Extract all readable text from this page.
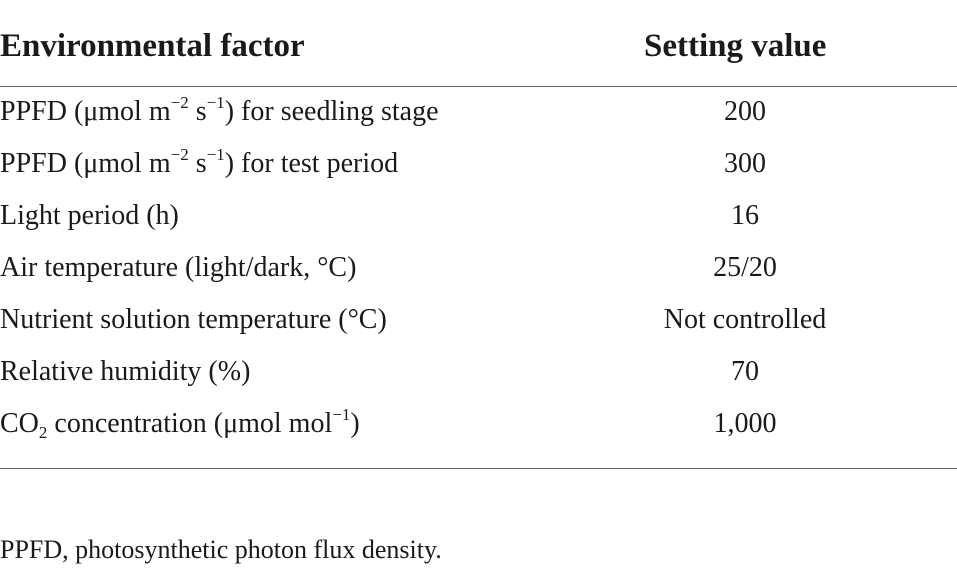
Environmental factor	Setting value
PPFD (μmol $m^{-2}$ $s^{-1}$) for seedling stage	200
PPFD (μmol $m^{-2}$ $s^{-1}$) for test period	300
Light period (h)	16
Air temperature (light/dark, °C)	25/20
Nutrient solution temperature (°C)	Not controlled
Relative humidity (%)	70
$CO_2$ concentration (μmol mol$^{-1}$)	1,000
PPFD, photosynthetic photon flux density.
